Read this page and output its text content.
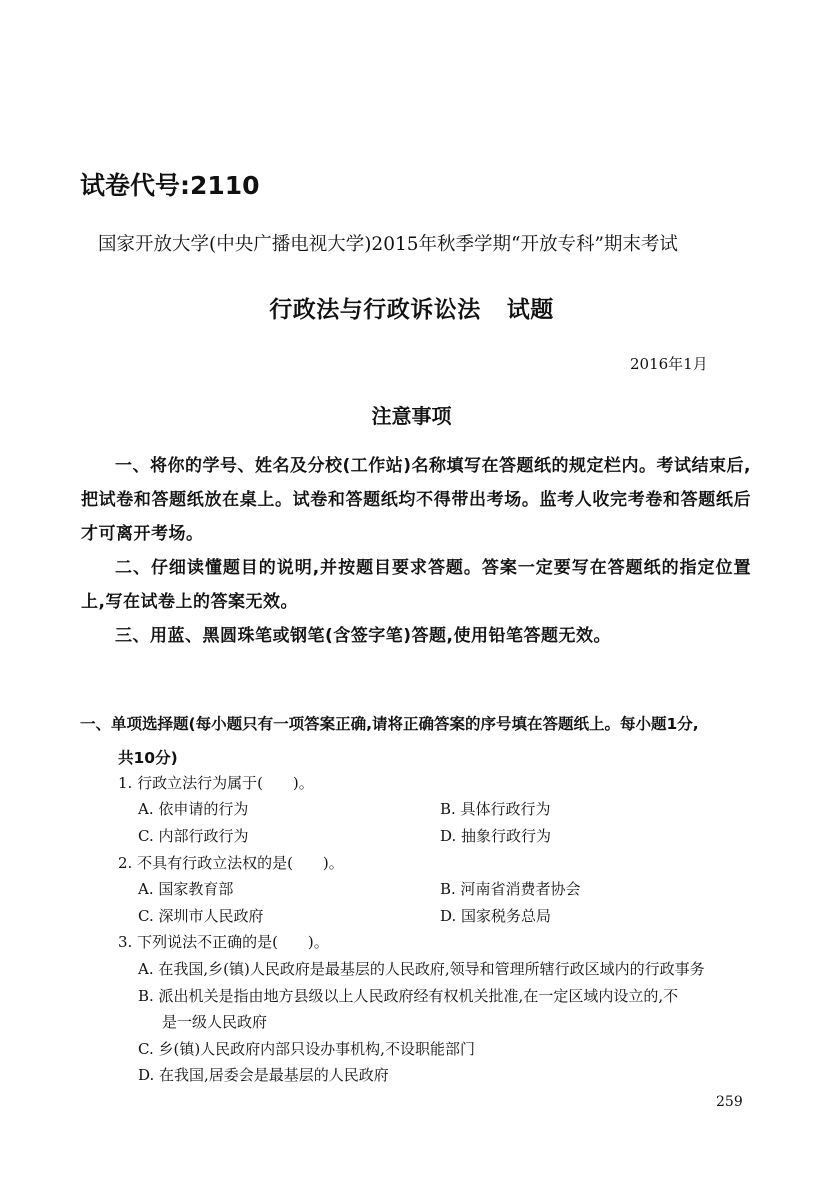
试卷代号:2110
国家开放大学(中央广播电视大学)2015年秋季学期“开放专科”期末考试
行政法与行政诉讼法 试题
2016年1月
注意事项

一、将你的学号、姓名及分校(工作站)名称填写在答题纸的规定栏内。考试结束后,把试卷和答题纸放在桌上。试卷和答题纸均不得带出考场。监考人收完考卷和答题纸后才可离开考场。

二、仔细读懂题目的说明,并按题目要求答题。答案一定要写在答题纸的指定位置上,写在试卷上的答案无效。

三、用蓝、黑圆珠笔或钢笔(含签字笔)答题,使用铅笔答题无效。

一、单项选择题(每小题只有一项答案正确,请将正确答案的序号填在答题纸上。每小题1分,
共10分)
1. 行政立法行为属于(　　)。
A. 依申请的行为	B. 具体行政行为
C. 内部行政行为	D. 抽象行政行为
2. 不具有行政立法权的是(　　)。
A. 国家教育部	B. 河南省消费者协会
C. 深圳市人民政府	D. 国家税务总局
3. 下列说法不正确的是(　　)。
A. 在我国,乡(镇)人民政府是最基层的人民政府,领导和管理所辖行政区域内的行政事务
B. 派出机关是指由地方县级以上人民政府经有权机关批准,在一定区域内设立的,不
是一级人民政府
C. 乡(镇)人民政府内部只设办事机构,不设职能部门
D. 在我国,居委会是最基层的人民政府
259
